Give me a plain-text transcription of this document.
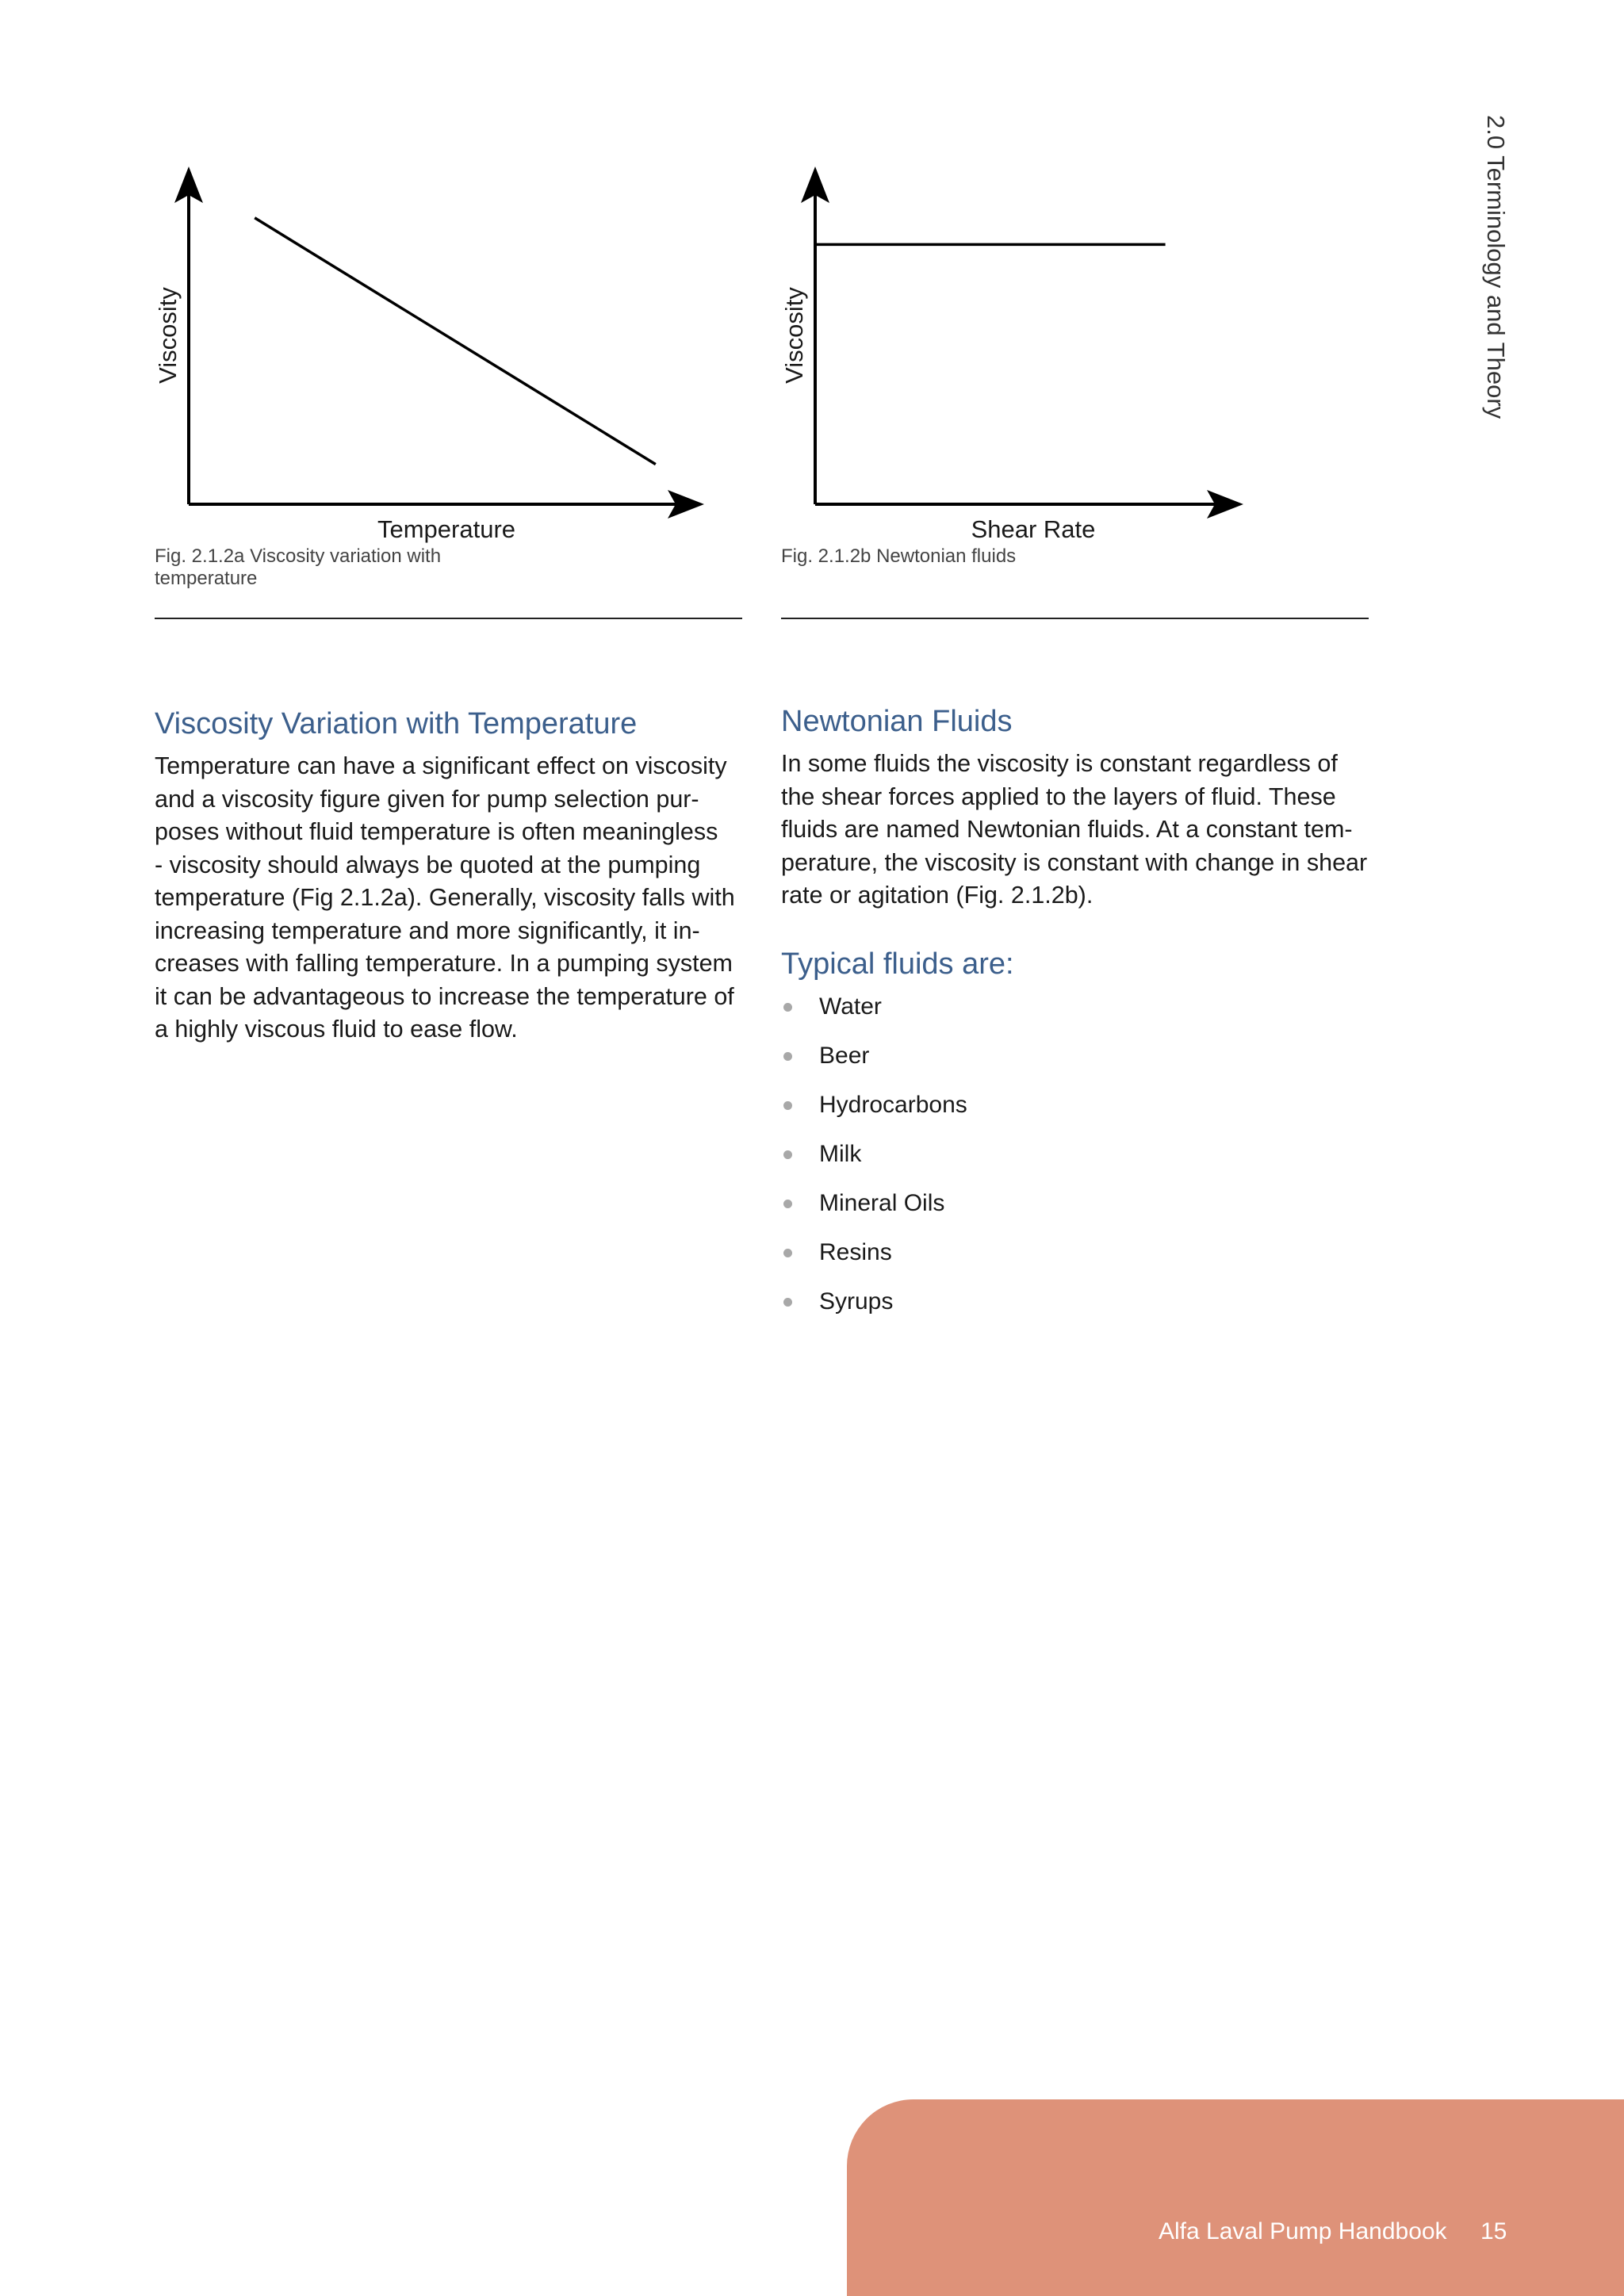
2.0 Terminology and Theory
Temperature
Viscosity
Shear Rate
Viscosity
Fig. 2.1.2a Viscosity variation with
temperature
Fig. 2.1.2b Newtonian fluids
Viscosity Variation with Temperature
Temperature can have a significant effect on viscosity
and a viscosity figure given for pump selection pur-
poses without fluid temperature is often meaningless
- viscosity should always be quoted at the pumping
temperature (Fig 2.1.2a). Generally, viscosity falls with
increasing temperature and more significantly, it in-
creases with falling temperature. In a pumping system
it can be advantageous to increase the temperature of
a highly viscous fluid to ease flow.
Newtonian Fluids
In some fluids the viscosity is constant regardless of
the shear forces applied to the layers of fluid. These
fluids are named Newtonian fluids. At a constant tem-
perature, the viscosity is constant with change in shear
rate or agitation (Fig. 2.1.2b).
Typical fluids are:
Water
Beer
Hydrocarbons
Milk
Mineral Oils
Resins
Syrups
Alfa Laval Pump Handbook 15
